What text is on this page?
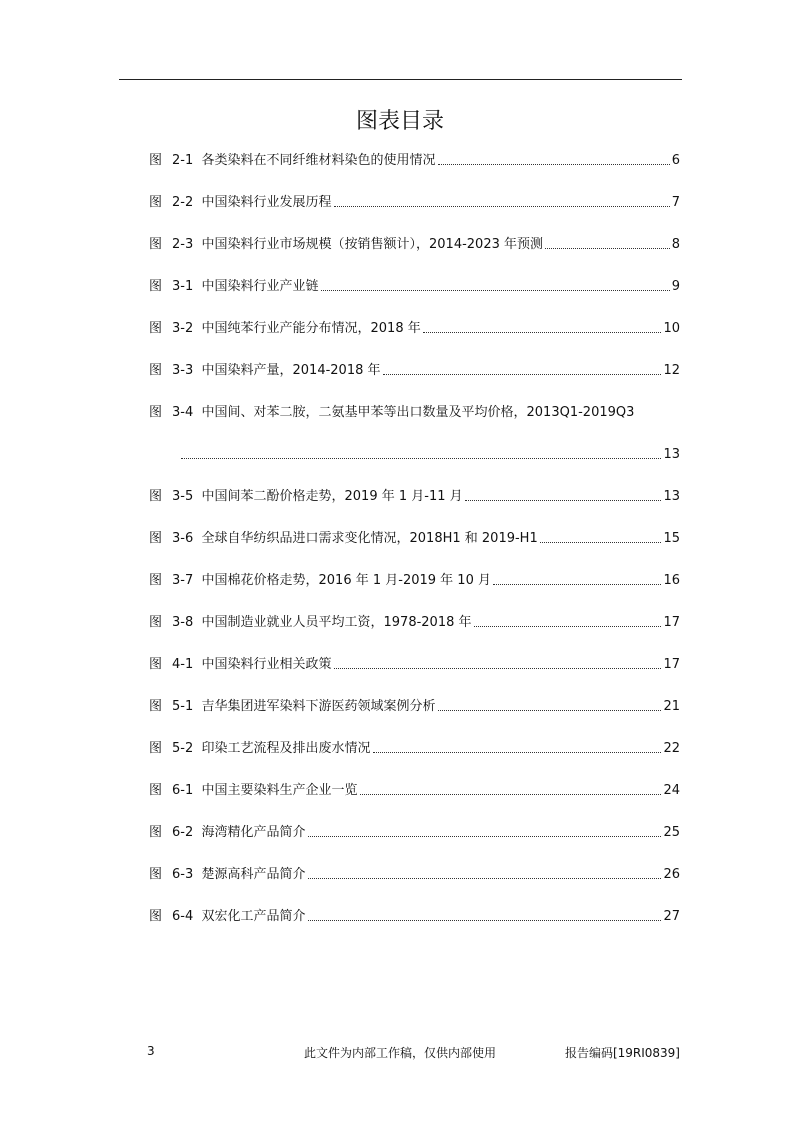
图表目录
图 2-1 各类染料在不同纤维材料染色的使用情况	6
图 2-2 中国染料行业发展历程	7
图 2-3 中国染料行业市场规模（按销售额计），2014-2023 年预测	8
图 3-1 中国染料行业产业链	9
图 3-2 中国纯苯行业产能分布情况，2018 年	10
图 3-3 中国染料产量，2014-2018 年	12
图 3-4 中国间、对苯二胺，二氨基甲苯等出口数量及平均价格，2013Q1-2019Q3
13
图 3-5 中国间苯二酚价格走势，2019 年 1 月-11 月	13
图 3-6 全球自华纺织品进口需求变化情况，2018H1 和 2019-H1	15
图 3-7 中国棉花价格走势，2016 年 1 月-2019 年 10 月	16
图 3-8 中国制造业就业人员平均工资，1978-2018 年	17
图 4-1 中国染料行业相关政策	17
图 5-1 吉华集团进军染料下游医药领域案例分析	21
图 5-2 印染工艺流程及排出废水情况	22
图 6-1 中国主要染料生产企业一览	24
图 6-2 海湾精化产品简介	25
图 6-3 楚源高科产品简介	26
图 6-4 双宏化工产品简介	27
3	此文件为内部工作稿，仅供内部使用	报告编码[19RI0839]
